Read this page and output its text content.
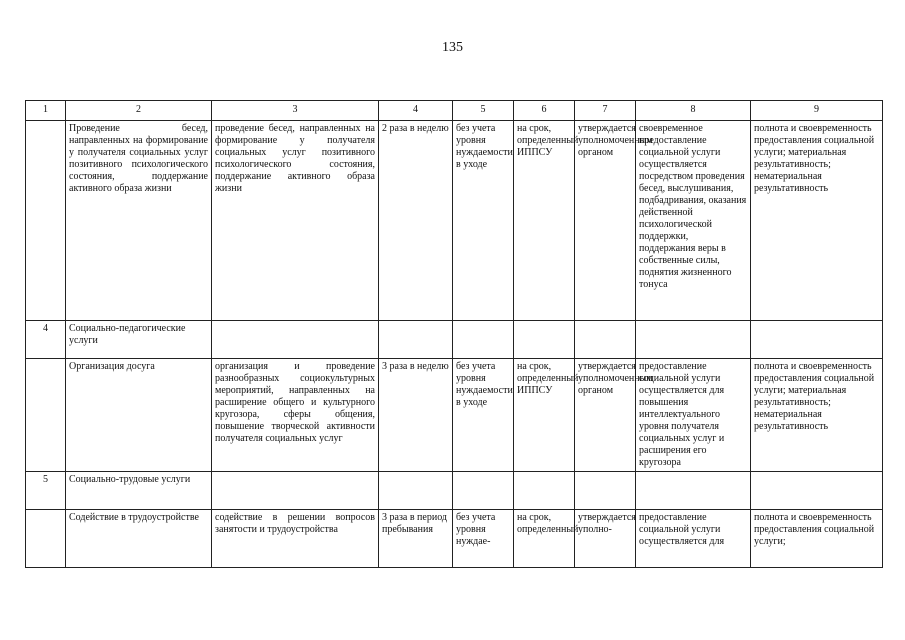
135
1	2	3	4	5	6	7	8	9
	Проведение бесед, направленных на формирование у получателя социальных услуг позитивного психологического состояния, поддержание активного образа жизни	проведение бесед, направленных на формирование у получателя социальных услуг позитивного психологического состояния, поддержание активного образа жизни	2 раза в неделю	без учета уровня нуждаемости в уходе	на срок, определенный ИППСУ	утверждается уполномоченным органом	своевременное предоставление социальной услуги осуществляется посредством проведения бесед, выслушивания, подбадривания, оказания действенной психологической поддержки, поддержания веры в собственные силы, поднятия жизненного тонуса	полнота и своевременность предоставления социальной услуги; материальная результативность; нематериальная результативность
4	Социально-педагогические услуги							
	Организация досуга	организация и проведение разнообразных социокультурных мероприятий, направленных на расширение общего и культурного кругозора, сферы общения, повышение творческой активности получателя социальных услуг	3 раза в неделю	без учета уровня нуждаемости в уходе	на срок, определенный ИППСУ	утверждается уполномоченным органом	предоставление социальной услуги осуществляется для повышения интеллектуального уровня получателя социальных услуг и расширения его кругозора	полнота и своевременность предоставления социальной услуги; материальная результативность; нематериальная результативность
5	Социально-трудовые услуги							
	Содействие в трудоустройстве	содействие в решении вопросов занятости и трудоустройства	3 раза в период пребывания	без учета уровня нуждае-	на срок, определенный	утверждается уполно-	предоставление социальной услуги осуществляется для	полнота и своевременность предоставления социальной услуги;
